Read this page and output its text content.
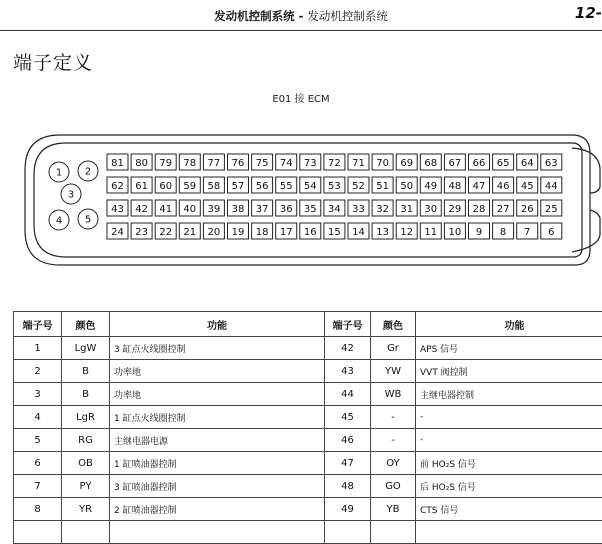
发动机控制系统 - 发动机控制系统	12-
端子定义
E01 接 ECM
1 2
3
4 5
81 80 79 78 77 76 75 74 73 72 71 70 69 68 67 66 65 64 63
62 61 60 59 58 57 56 55 54 53 52 51 50 49 48 47 46 45 44
43 42 41 40 39 38 37 36 35 34 33 32 31 30 29 28 27 26 25
24 23 22 21 20 19 18 17 16 15 14 13 12 11 10 9 8 7 6
端子号	颜色	功能	端子号	颜色	功能
1	LgW	3 缸点火线圈控制	42	Gr	APS 信号
2	B	功率地	43	YW	VVT 阀控制
3	B	功率地	44	WB	主继电器控制
4	LgR	1 缸点火线圈控制	45	-	-
5	RG	主继电器电源	46	-	-
6	OB	1 缸喷油器控制	47	OY	前 HO₂S 信号
7	PY	3 缸喷油器控制	48	GO	后 HO₂S 信号
8	YR	2 缸喷油器控制	49	YB	CTS 信号
